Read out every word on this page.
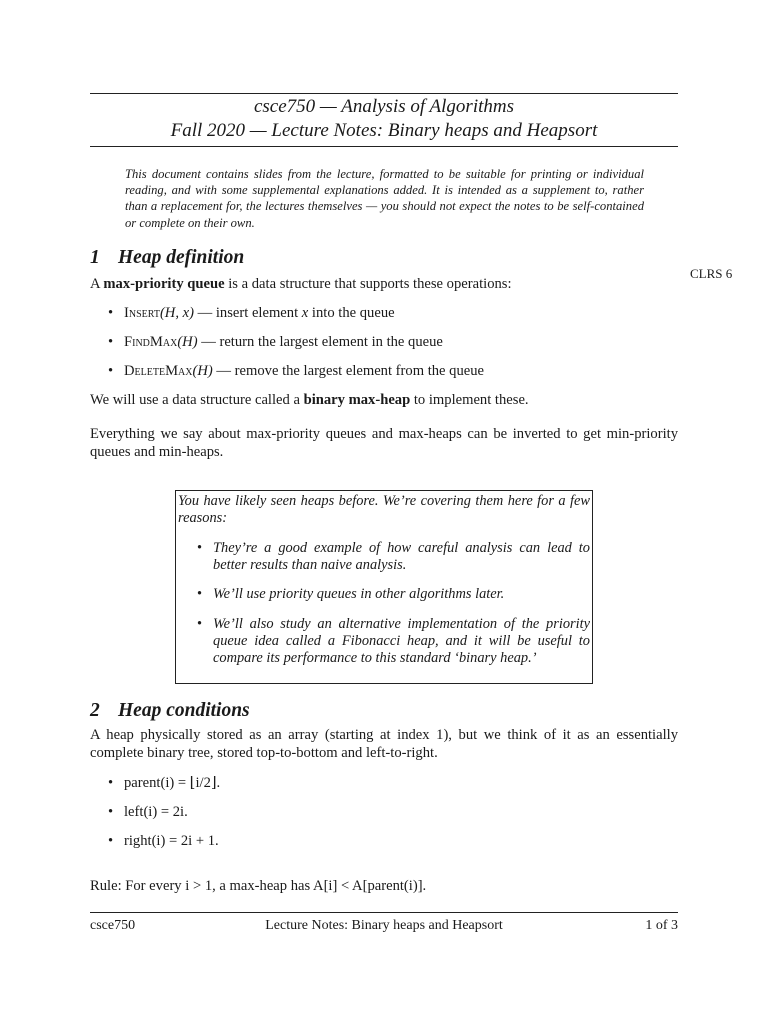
csce750 — Analysis of Algorithms
Fall 2020 — Lecture Notes: Binary heaps and Heapsort
This document contains slides from the lecture, formatted to be suitable for printing or individual reading, and with some supplemental explanations added. It is intended as a supplement to, rather than a replacement for, the lectures themselves — you should not expect the notes to be self-contained or complete on their own.
1 Heap definition
CLRS 6
A max-priority queue is a data structure that supports these operations:
• Insert(H, x) — insert element x into the queue
• FindMax(H) — return the largest element in the queue
• DeleteMax(H) — remove the largest element from the queue
We will use a data structure called a binary max-heap to implement these.
Everything we say about max-priority queues and max-heaps can be inverted to get min-priority queues and min-heaps.
You have likely seen heaps before. We’re covering them here for a few reasons:
• They’re a good example of how careful analysis can lead to better results than naive analysis.
• We’ll use priority queues in other algorithms later.
• We’ll also study an alternative implementation of the priority queue idea called a Fibonacci heap, and it will be useful to compare its performance to this standard ‘binary heap.’
2 Heap conditions
A heap physically stored as an array (starting at index 1), but we think of it as an essentially complete binary tree, stored top-to-bottom and left-to-right.
• parent(i) = ⌊i/2⌋.
• left(i) = 2i.
• right(i) = 2i + 1.
Rule: For every i > 1, a max-heap has A[i] < A[parent(i)].
csce750	Lecture Notes: Binary heaps and Heapsort	1 of 3
